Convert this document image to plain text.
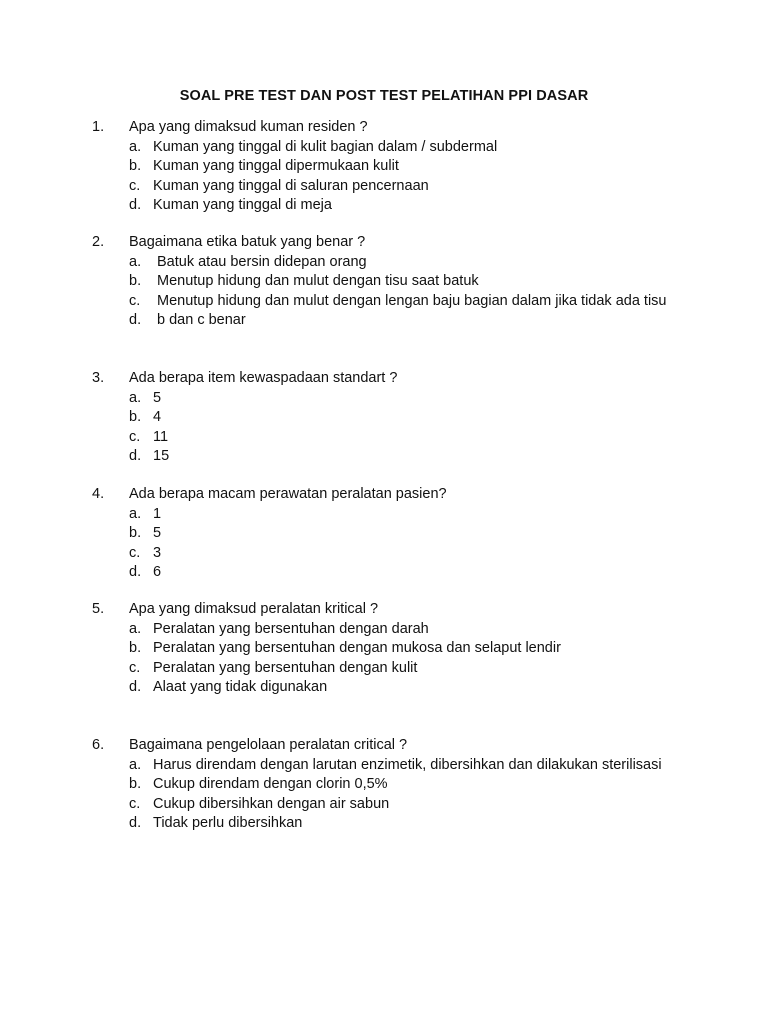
SOAL PRE TEST DAN POST TEST PELATIHAN PPI DASAR
1. Apa yang dimaksud kuman residen ?
a. Kuman yang tinggal di kulit bagian dalam / subdermal
b. Kuman yang tinggal dipermukaan kulit
c. Kuman yang tinggal di saluran pencernaan
d. Kuman yang tinggal di meja
2. Bagaimana etika batuk yang benar ?
a. Batuk atau bersin didepan orang
b. Menutup hidung dan mulut dengan tisu saat batuk
c. Menutup hidung dan mulut dengan lengan baju bagian dalam jika tidak ada tisu
d. b dan c benar
3. Ada berapa item kewaspadaan standart ?
a. 5
b. 4
c. 11
d. 15
4. Ada berapa macam perawatan peralatan pasien?
a. 1
b. 5
c. 3
d. 6
5. Apa yang dimaksud peralatan kritical ?
a. Peralatan yang bersentuhan dengan darah
b. Peralatan yang bersentuhan dengan mukosa dan selaput lendir
c. Peralatan yang bersentuhan dengan kulit
d. Alaat yang tidak digunakan
6. Bagaimana pengelolaan peralatan critical ?
a. Harus direndam dengan larutan enzimetik, dibersihkan dan dilakukan sterilisasi
b. Cukup direndam dengan clorin 0,5%
c. Cukup dibersihkan dengan air sabun
d. Tidak perlu dibersihkan
